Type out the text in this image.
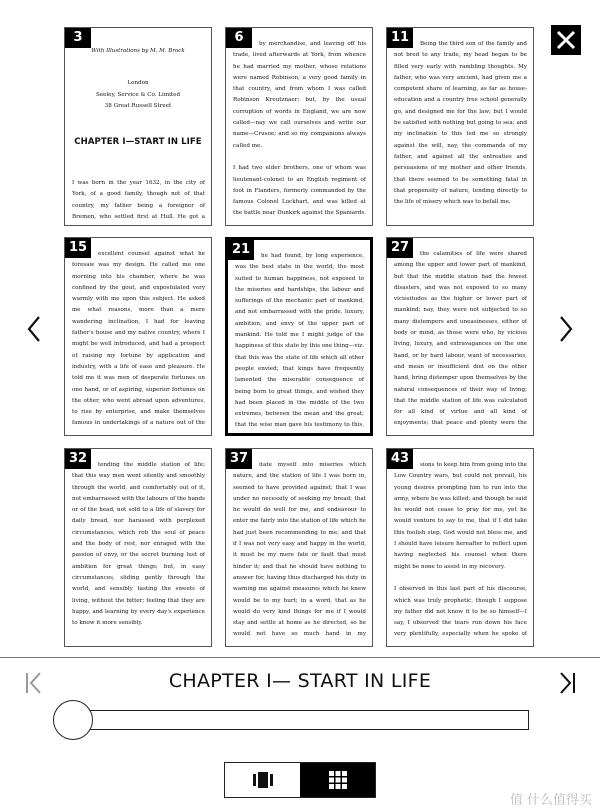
3
With Illustrations by M. M. Brock
London
Seeley, Service & Co. Limited
38 Great Russell Street
CHAPTER I—START IN LIFE
I was born in the year 1632, in the city of York, of a good family, though not of that country, my father being a foreigner of Bremen, who settled first at Hull. He got a
6	by merchandise, and leaving off his trade, lived afterwards at York, from whence he had married my mother, whose relations were named Robinson, a very good family in that country, and from whom I was called Robinson Kreutznaer; but, by the usual corruption of words in England, we are now called—nay we call ourselves and write our name—Crusoe; and so my companions always called me.

I had two elder brothers, one of whom was lieutenant-colonel to an English regiment of foot in Flanders, formerly commanded by the famous Colonel Lockhart, and was killed at the battle near Dunkirk against the Spaniards.
11	Being the third son of the family and not bred to any trade, my head began to be filled very early with rambling thoughts. My father, who was very ancient, had given me a competent share of learning, as far as house-education and a country free school generally go, and designed me for the law; but I would be satisfied with nothing but going to sea; and my inclination to this led me so strongly against the will, nay, the commands of my father, and against all the entreaties and persuasions of my mother and other friends, that there seemed to be something fatal in that propensity of nature, tending directly to the life of misery which was to befall me.

15	excellent counsel against what he foresaw was my design. He called me one morning into his chamber, where he was confined by the gout, and expostulated very warmly with me upon this subject. He asked me what reasons, more than a mere wandering inclination, I had for leaving father's house and my native country, where I might be well introduced, and had a prospect of raising my fortune by application and industry, with a life of ease and pleasure. He told me it was men of desperate fortunes on one hand, or of aspiring, superior fortunes on the other, who went abroad upon adventures, to rise by enterprise, and make themselves famous in undertakings of a nature out of the
21	he had found, by long experience, was the best state in the world, the most suited to human happiness, not exposed to the miseries and hardships, the labour and sufferings of the mechanic part of mankind, and not embarrassed with the pride, luxury, ambition, and envy of the upper part of mankind. He told me I might judge of the happiness of this state by this one thing—viz. that this was the state of life which all other people envied; that kings have frequently lamented the miserable consequence of being born to great things, and wished they had been placed in the middle of the two extremes, between the mean and the great; that the wise man gave his testimony to this,

27	the calamities of life were shared among the upper and lower part of mankind, but that the middle station had the fewest disasters, and was not exposed to so many vicissitudes as the higher or lower part of mankind; nay, they were not subjected to so many distempers and uneasinesses, either of body or mind, as those were who, by vicious living, luxury, and extravagances on the one hand, or by hard labour, want of necessaries, and mean or insufficient diet on the other hand, bring distemper upon themselves by the natural consequences of their way of living; that the middle station of life was calculated for all kind of virtue and all kind of enjoyments; that peace and plenty were the
32	tending the middle station of life; that this way men went silently and smoothly through the world, and comfortably out of it, not embarrassed with the labours of the hands or of the head, not sold to a life of slavery for daily bread, nor harassed with perplexed circumstances, which rob the soul of peace and the body of rest, nor enraged with the passion of envy, or the secret burning lust of ambition for great things; but, in easy circumstances, sliding gently through the world, and sensibly tasting the sweets of living, without the bitter; feeling that they are happy, and learning by every day's experience to know it more sensibly.

37	itate myself into miseries which nature, and the station of life I was born in, seemed to have provided against; that I was under no necessity of seeking my bread; that he would do well for me, and endeavour to enter me fairly into the station of life which he had just been recommending to me; and that if I was not very easy and happy in the world, it must be my mere fate or fault that must hinder it; and that he should have nothing to answer for, having thus discharged his duty in warning me against measures which he knew would be to my hurt; in a word, that as he would do very kind things for me if I would stay and settle at home as he directed, so he would not have so much hand in my
43	sions to keep him from going into the Low Country wars, but could not prevail, his young desires prompting him to run into the army, where he was killed; and though he said he would not cease to pray for me, yet he would venture to say to me, that if I did take this foolish step, God would not bless me, and I should have leisure hereafter to reflect upon having neglected his counsel when there might be none to assist in my recovery.

I observed in this last part of his discourse, which was truly prophetic, though I suppose my father did not know it to be so himself—I say, I observed the tears run down his face very plentifully, especially when he spoke of
CHAPTER I— START IN LIFE
值 什么值得买
